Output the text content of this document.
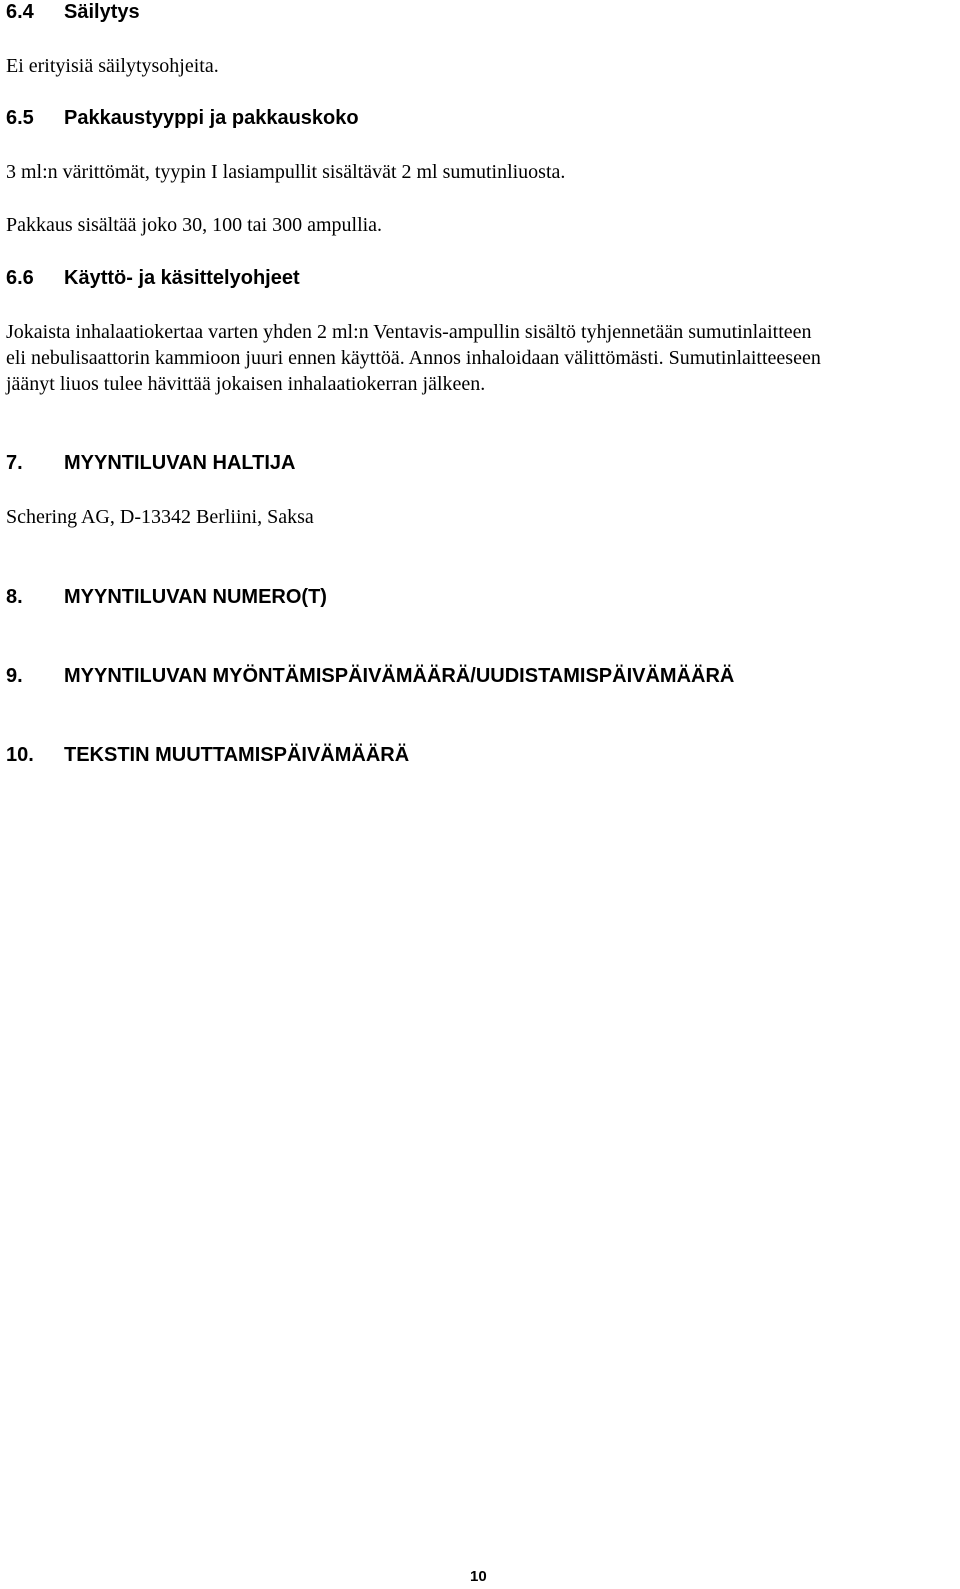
6.4 Säilytys
Ei erityisiä säilytysohjeita.
6.5 Pakkaustyyppi ja pakkauskoko
3 ml:n värittömät, tyypin I lasiampullit sisältävät 2 ml sumutinliuosta.
Pakkaus sisältää joko 30, 100 tai 300 ampullia.
6.6 Käyttö- ja käsittelyohjeet
Jokaista inhalaatiokertaa varten yhden 2 ml:n Ventavis-ampullin sisältö tyhjennetään sumutinlaitteen
eli nebulisaattorin kammioon juuri ennen käyttöä. Annos inhaloidaan välittömästi. Sumutinlaitteeseen
jäänyt liuos tulee hävittää jokaisen inhalaatiokerran jälkeen.
7. MYYNTILUVAN HALTIJA
Schering AG, D-13342 Berliini, Saksa
8. MYYNTILUVAN NUMERO(T)
9. MYYNTILUVAN MYÖNTÄMISPÄIVÄMÄÄRÄ/UUDISTAMISPÄIVÄMÄÄRÄ
10. TEKSTIN MUUTTAMISPÄIVÄMÄÄRÄ
10
